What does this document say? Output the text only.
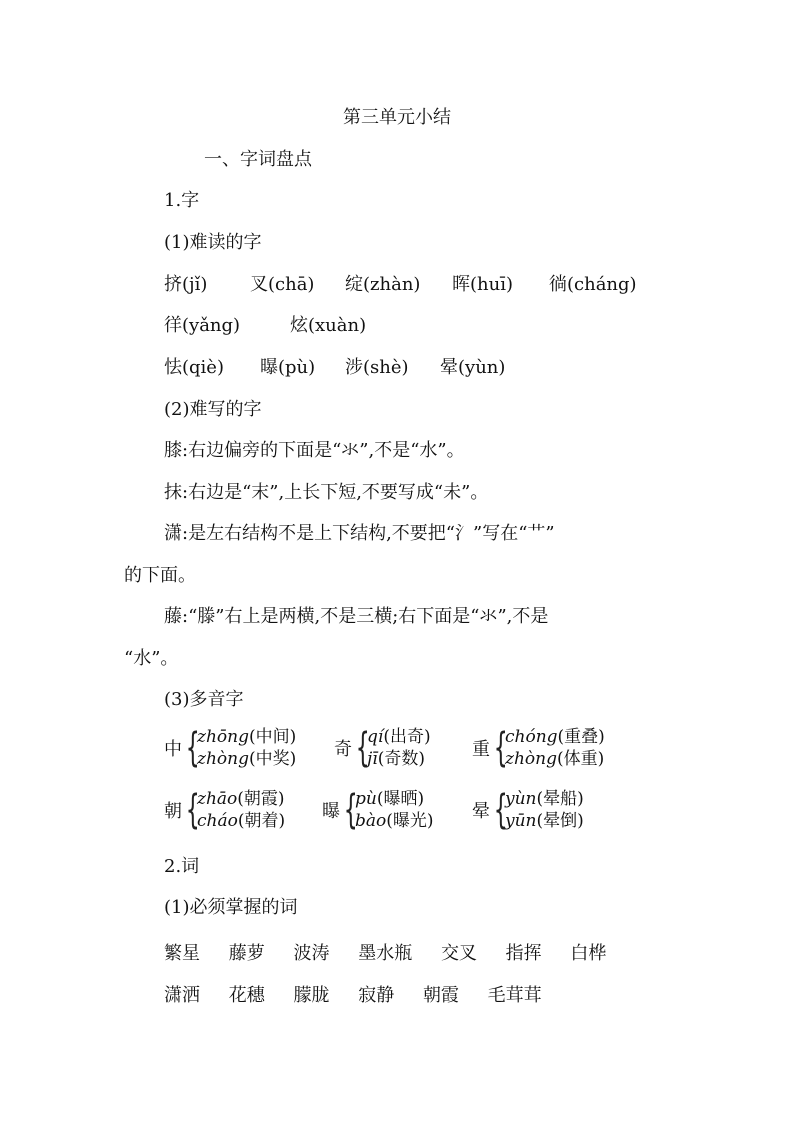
第三单元小结
一、字词盘点
1.字
(1)难读的字
挤(jǐ) 叉(chā) 绽(zhàn) 晖(huī) 徜(cháng)
徉(yǎng)	炫(xuàn)
怯(qiè) 曝(pù) 涉(shè) 晕(yùn)
(2)难写的字
膝:右边偏旁的下面是“氺”,不是“水”。
抹:右边是“末”,上长下短,不要写成“未”。
潇:是左右结构不是上下结构,不要把“氵”写在“艹”
的下面。
藤:“滕”右上是两横,不是三横;右下面是“氺”,不是
“水”。
(3)多音字
中 {
zhōng(中间)
zhòng(中奖) 奇 {
qí(出奇)
jī(奇数)	重 {
chóng(重叠)
zhòng(体重)
朝 {
zhāo(朝霞)
cháo(朝着) 曝 {
pù(曝晒)
bào(曝光) 晕 {
yùn(晕船)
yūn(晕倒)
2.词
(1)必须掌握的词
繁星 藤萝 波涛 墨水瓶 交叉 指挥 白桦
潇洒 花穗 朦胧 寂静 朝霞 毛茸茸
